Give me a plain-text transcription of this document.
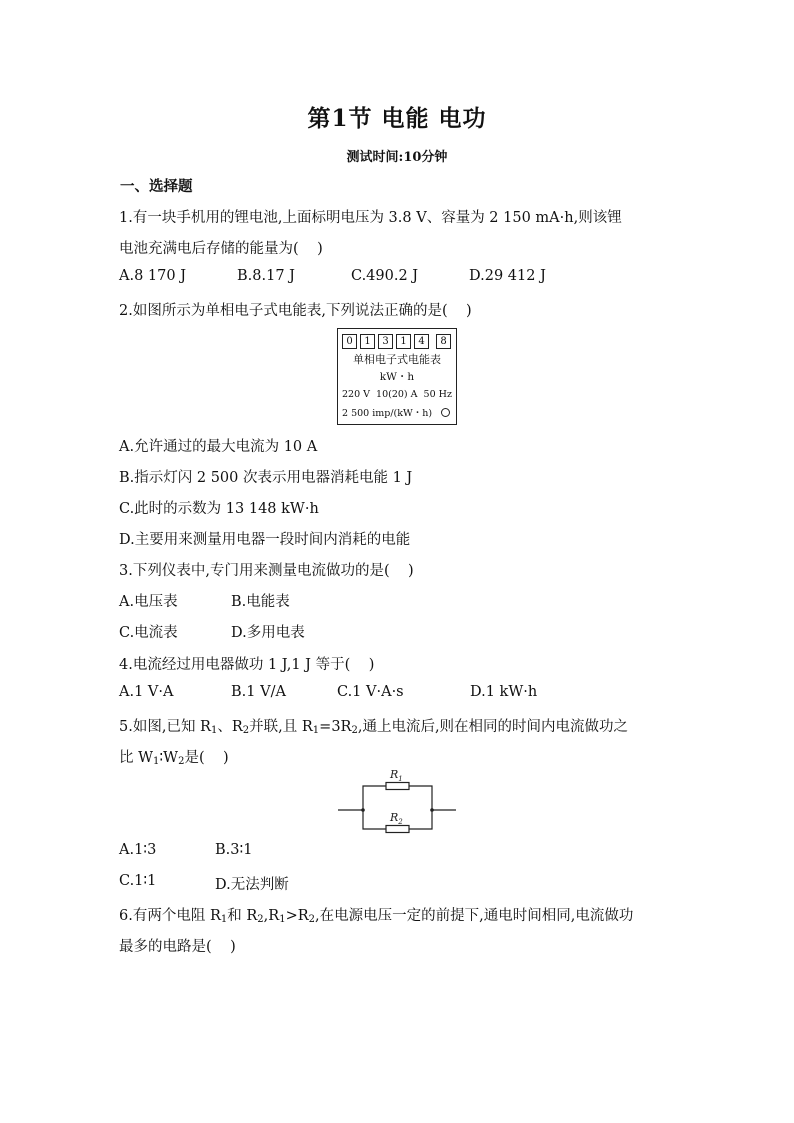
第1节 电能 电功
测试时间:10分钟
一、选择题
1.有一块手机用的锂电池,上面标明电压为 3.8 V、容量为 2 150 mA·h,则该锂
电池充满电后存储的能量为(    )
A.8 170 J	B.8.17 J	C.490.2 J	D.29 412 J
2.如图所示为单相电子式电能表,下列说法正确的是(    )
0	1	3	1	4	8
单相电子式电能表
kW・h
220 V  10(20) A  50 Hz
2 500 imp/(kW・h)
A.允许通过的最大电流为 10 A
B.指示灯闪 2 500 次表示用电器消耗电能 1 J
C.此时的示数为 13 148 kW·h
D.主要用来测量用电器一段时间内消耗的电能
3.下列仪表中,专门用来测量电流做功的是(    )
A.电压表	B.电能表
C.电流表	D.多用电表
4.电流经过用电器做功 1 J,1 J 等于(    )
A.1 V·A	B.1 V/A	C.1 V·A·s	D.1 kW·h
5.如图,已知 $R_1$、$R_2$并联,且 $R_1=3R_2$,通上电流后,则在相同的时间内电流做功之
比 $W_1∶W_2$是(    )
$R_1$
$R_2$
A.1∶3	B.3∶1
C.1∶1	D.无法判断
6.有两个电阻 $R_1$和 $R_2,R_1>R_2$,在电源电压一定的前提下,通电时间相同,电流做功
最多的电路是(    )
